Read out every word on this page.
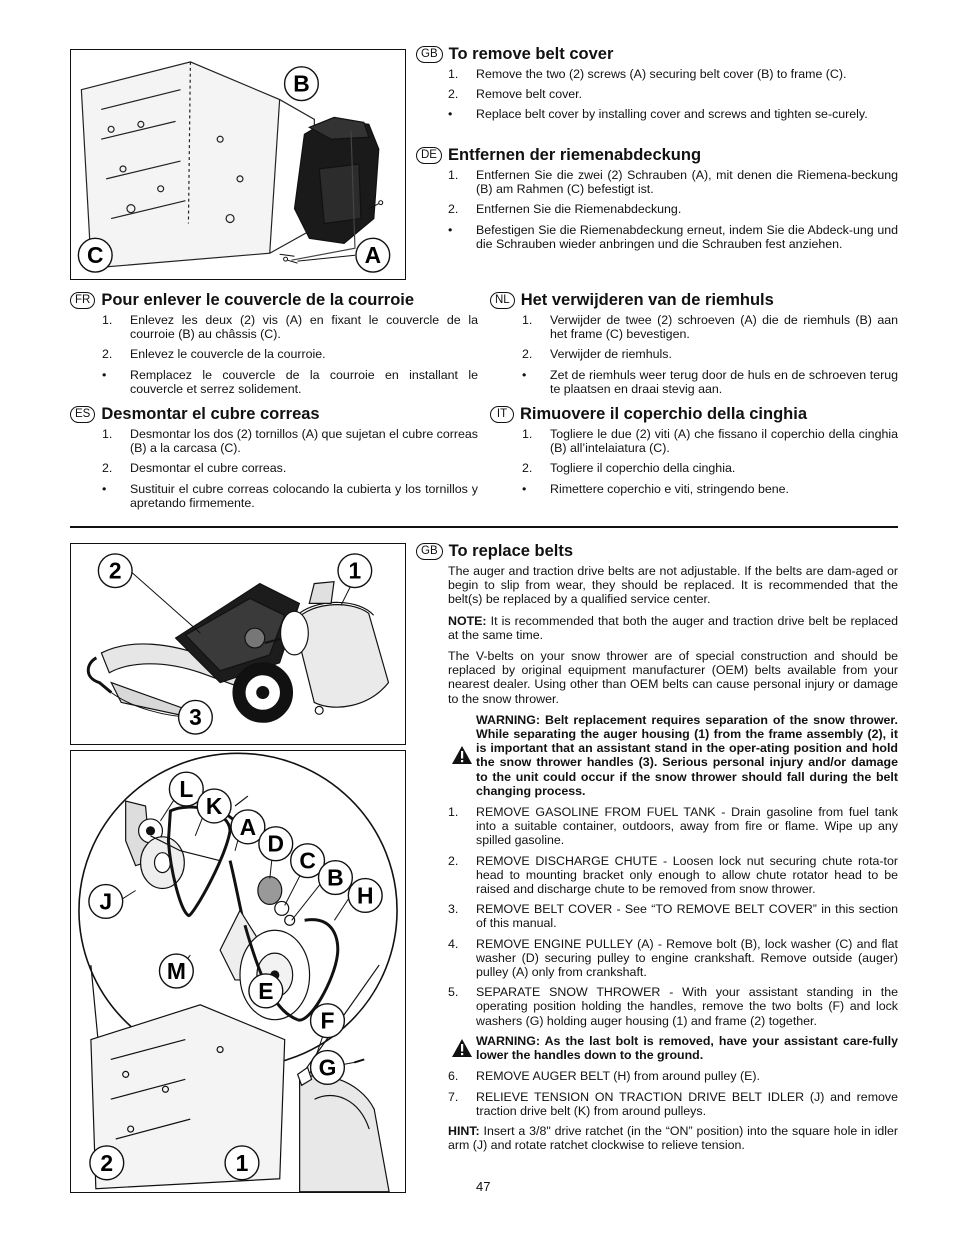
B
C	A
GB To remove belt cover
1.	Remove the two (2) screws (A) securing belt cover (B) to frame (C).
2.	Remove belt cover.
•	Replace belt cover by installing cover and screws and tighten se-curely.
DE Entfernen der riemenabdeckung
1.	Entfernen Sie die zwei (2) Schrauben (A), mit denen die Riemena-beckung (B) am Rahmen (C) befestigt ist.
2.	Entfernen Sie die Riemenabdeckung.
•	Befestigen Sie die Riemenabdeckung erneut, indem Sie die Abdeck-ung und die Schrauben wieder anbringen und die Schrauben fest anziehen.
FR Pour enlever le couvercle de la courroie
1.	Enlevez les deux (2) vis (A) en fixant le couvercle de la courroie (B) au châssis (C).
2.	Enlevez le couvercle de la courroie.
•	Remplacez le couvercle de la courroie en installant le couvercle et serrez solidement.
NL Het verwijderen van de riemhuls
1.	Verwijder de twee (2) schroeven (A) die de riemhuls (B) aan het frame (C) bevestigen.
2.	Verwijder de riemhuls.
•	Zet de riemhuls weer terug door de huls en de schroeven terug te plaatsen en draai stevig aan.
ES Desmontar el cubre correas
1.	Desmontar los dos (2) tornillos (A) que sujetan el cubre correas (B) a la carcasa (C).
2.	Desmontar el cubre correas.
•	Sustituir el cubre correas colocando la cubierta y los tornillos y apretando firmemente.
IT Rimuovere il coperchio della cinghia
1.	Togliere le due (2) viti (A) che fissano il coperchio della cinghia (B) all’intelaiatura (C).
2.	Togliere il coperchio della cinghia.
•	Rimettere coperchio e viti, stringendo bene.
2	1
3
L
K
A
D
C
B
J	H
M
E
F
G
2	1
GB To replace belts
The auger and traction drive belts are not adjustable. If the belts are dam-aged or begin to slip from wear, they should be replaced. It is recommended that the belt(s) be replaced by a qualified service center.
NOTE: It is recommended that both the auger and traction drive belt be replaced at the same time.
The V-belts on your snow thrower are of special construction and should be replaced by original equipment manufacturer (OEM) belts available from your nearest dealer. Using other than OEM belts can cause personal injury or damage to the snow thrower.
WARNING: Belt replacement requires separation of the snow thrower. While separating the auger housing (1) from the frame assembly (2), it is important that an assistant stand in the oper-ating position and hold the snow thrower handles (3). Serious personal injury and/or damage to the unit could occur if the snow thrower should fall during the belt changing process.
1.	REMOVE GASOLINE FROM FUEL TANK - Drain gasoline from fuel tank into a suitable container, outdoors, away from fire or flame. Wipe up any spilled gasoline.
2.	REMOVE DISCHARGE CHUTE - Loosen lock nut securing chute rota-tor head to mounting bracket only enough to allow chute rotator head to be raised and discharge chute to be removed from snow thrower.
3.	REMOVE BELT COVER - See “TO REMOVE BELT COVER” in this section of this manual.
4.	REMOVE ENGINE PULLEY (A) - Remove bolt (B), lock washer (C) and flat washer (D) securing pulley to engine crankshaft. Remove outside (auger) pulley (A) only from crankshaft.
5.	SEPARATE SNOW THROWER - With your assistant standing in the operating position holding the handles, remove the two bolts (F) and lock washers (G) holding auger housing (1) and frame (2) together.
WARNING: As the last bolt is removed, have your assistant care-fully lower the handles down to the ground.
6.	REMOVE AUGER BELT (H) from around pulley (E).
7.	RELIEVE TENSION ON TRACTION DRIVE BELT IDLER (J) and remove traction drive belt (K) from around pulleys.
HINT: Insert a 3/8" drive ratchet (in the “ON” position) into the square hole in idler arm (J) and rotate ratchet clockwise to relieve tension.
47
